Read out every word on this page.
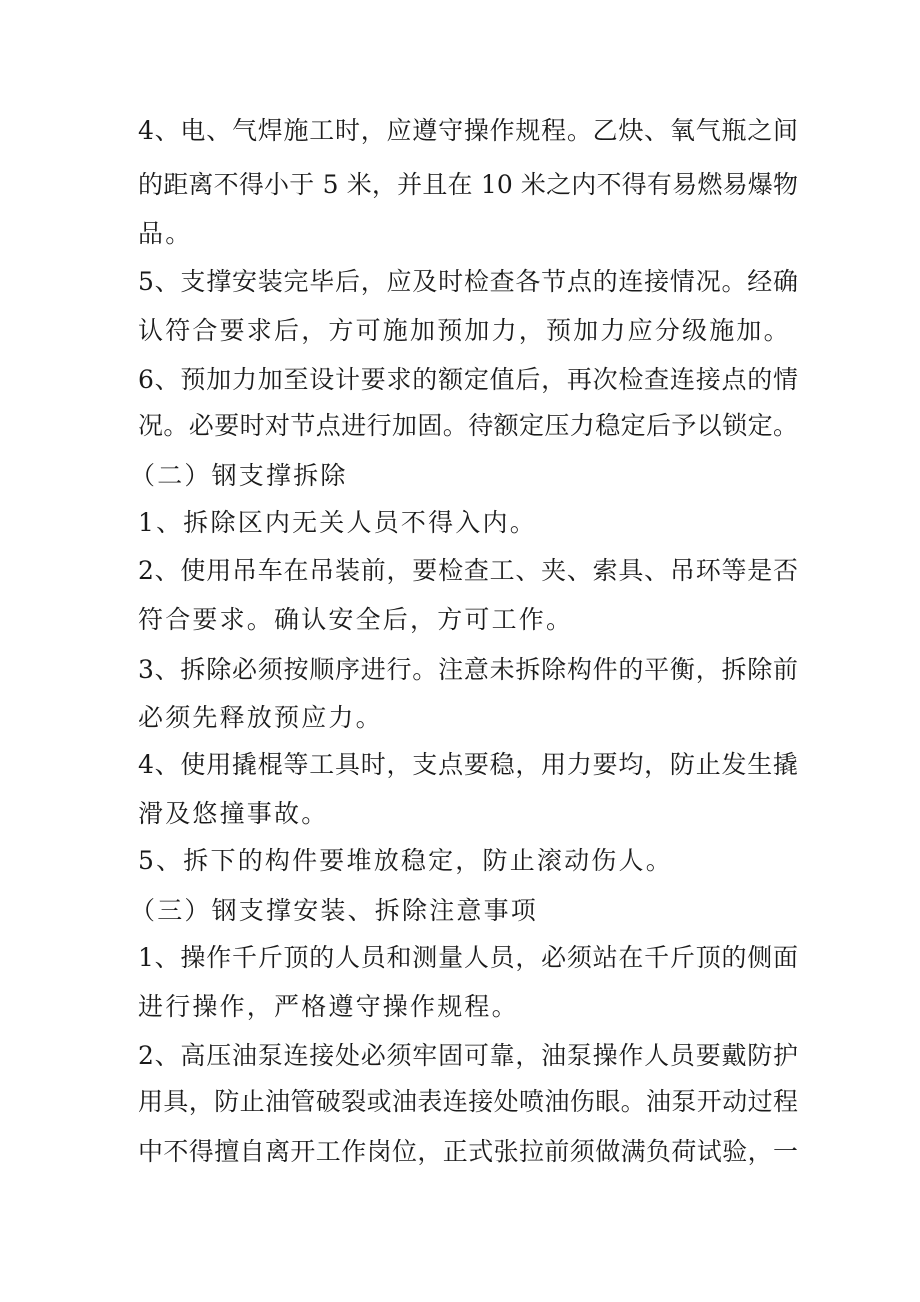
4、电、气焊施工时，应遵守操作规程。乙炔、氧气瓶之间
的距离不得小于 5 米，并且在 10 米之内不得有易燃易爆物
品。
5、支撑安装完毕后，应及时检查各节点的连接情况。经确
认符合要求后，方可施加预加力，预加力应分级施加。
6、预加力加至设计要求的额定值后，再次检查连接点的情
况。必要时对节点进行加固。待额定压力稳定后予以锁定。
（二）钢支撑拆除
1、拆除区内无关人员不得入内。
2、使用吊车在吊装前，要检查工、夹、索具、吊环等是否
符合要求。确认安全后，方可工作。
3、拆除必须按顺序进行。注意未拆除构件的平衡，拆除前
必须先释放预应力。
4、使用撬棍等工具时，支点要稳，用力要均，防止发生撬
滑及悠撞事故。
5、拆下的构件要堆放稳定，防止滚动伤人。
（三）钢支撑安装、拆除注意事项
1、操作千斤顶的人员和测量人员，必须站在千斤顶的侧面
进行操作，严格遵守操作规程。
2、高压油泵连接处必须牢固可靠，油泵操作人员要戴防护
用具，防止油管破裂或油表连接处喷油伤眼。油泵开动过程
中不得擅自离开工作岗位，正式张拉前须做满负荷试验，一
